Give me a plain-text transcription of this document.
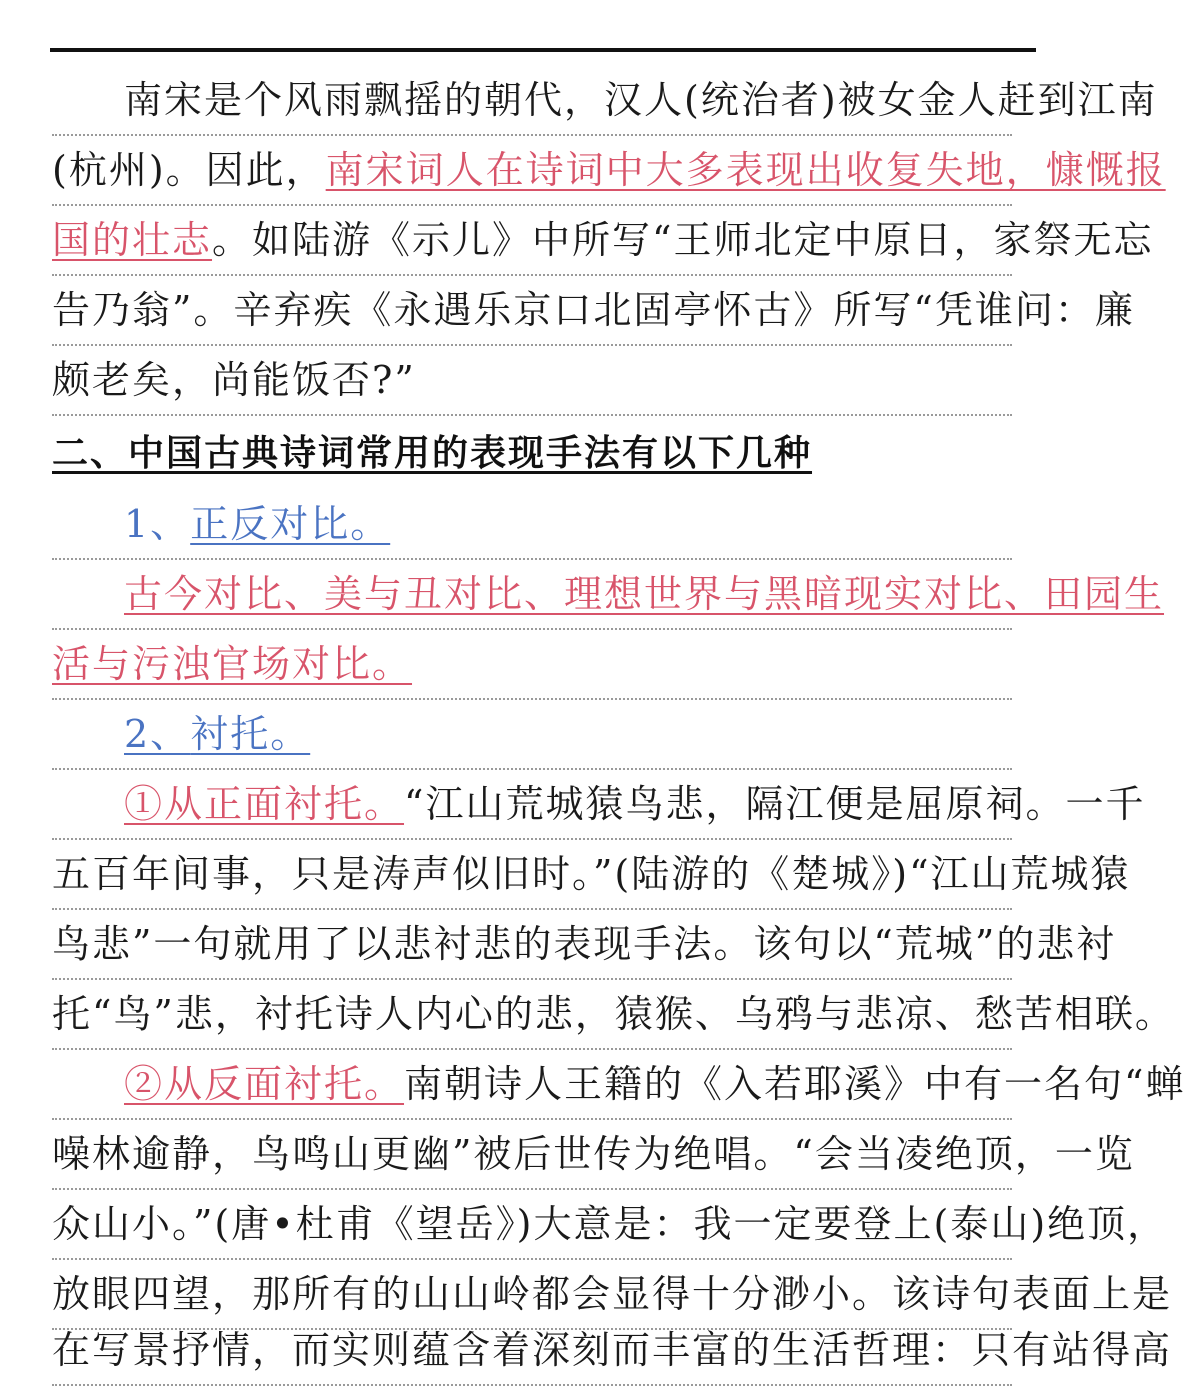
南宋是个风雨飘摇的朝代，汉人(统治者)被女金人赶到江南
(杭州)。因此，南宋词人在诗词中大多表现出收复失地，慷慨报
国的壮志。如陆游《示儿》中所写“王师北定中原日，家祭无忘
告乃翁”。辛弃疾《永遇乐京口北固亭怀古》所写“凭谁问：廉
颇老矣，尚能饭否?”
二、中国古典诗词常用的表现手法有以下几种
1、正反对比。
古今对比、美与丑对比、理想世界与黑暗现实对比、田园生
活与污浊官场对比。
2、衬托。
①从正面衬托。“江山荒城猿鸟悲，隔江便是屈原祠。一千
五百年间事，只是涛声似旧时。”(陆游的《楚城》)“江山荒城猿
鸟悲”一句就用了以悲衬悲的表现手法。该句以“荒城”的悲衬
托“鸟”悲，衬托诗人内心的悲，猿猴、乌鸦与悲凉、愁苦相联。
②从反面衬托。南朝诗人王籍的《入若耶溪》中有一名句“蝉
噪林逾静，鸟鸣山更幽”被后世传为绝唱。“会当凌绝顶，一览
众山小。”(唐•杜甫《望岳》)大意是：我一定要登上(泰山)绝顶，
放眼四望，那所有的山山岭都会显得十分渺小。该诗句表面上是
在写景抒情，而实则蕴含着深刻而丰富的生活哲理：只有站得高
